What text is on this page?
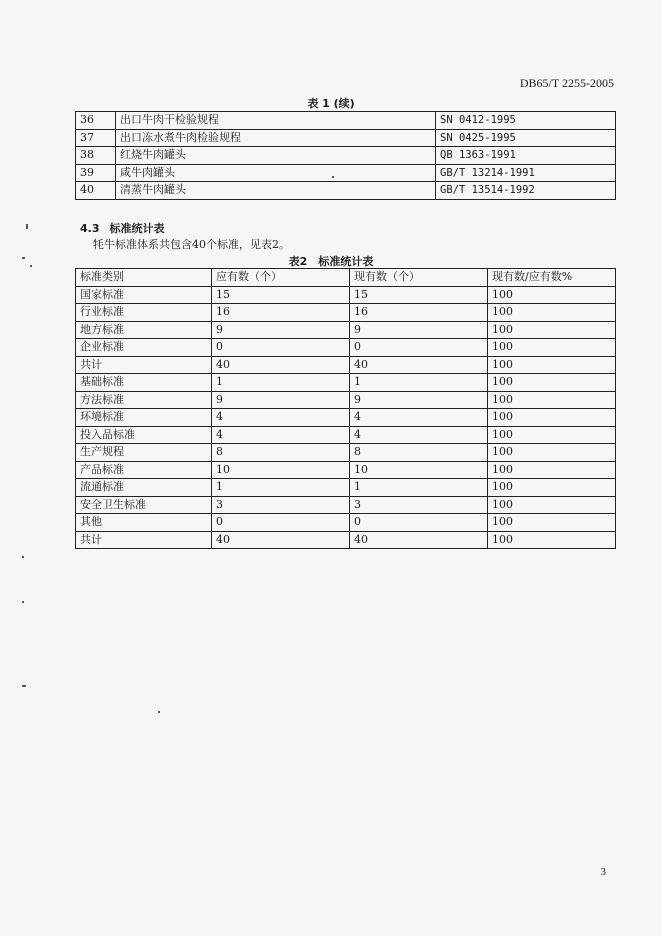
DB65/T 2255-2005
表 1 (续)
36	出口牛肉干检验规程	SN 0412-1995
37	出口冻水煮牛肉检验规程	SN 0425-1995
38	红烧牛肉罐头	QB 1363-1991
39	咸牛肉罐头	GB/T 13214-1991
40	清蒸牛肉罐头	GB/T 13514-1992
4.3 标准统计表
牦牛标准体系共包含40个标准，见表2。
表2　标准统计表
标准类别	应有数（个）	现有数（个）	现有数/应有数%
国家标准	15	15	100
行业标准	16	16	100
地方标准	9	9	100
企业标准	0	0	100
共计	40	40	100
基础标准	1	1	100
方法标准	9	9	100
环境标准	4	4	100
投入品标准	4	4	100
生产规程	8	8	100
产品标准	10	10	100
流通标准	1	1	100
安全卫生标准	3	3	100
其他	0	0	100
共计	40	40	100
3
